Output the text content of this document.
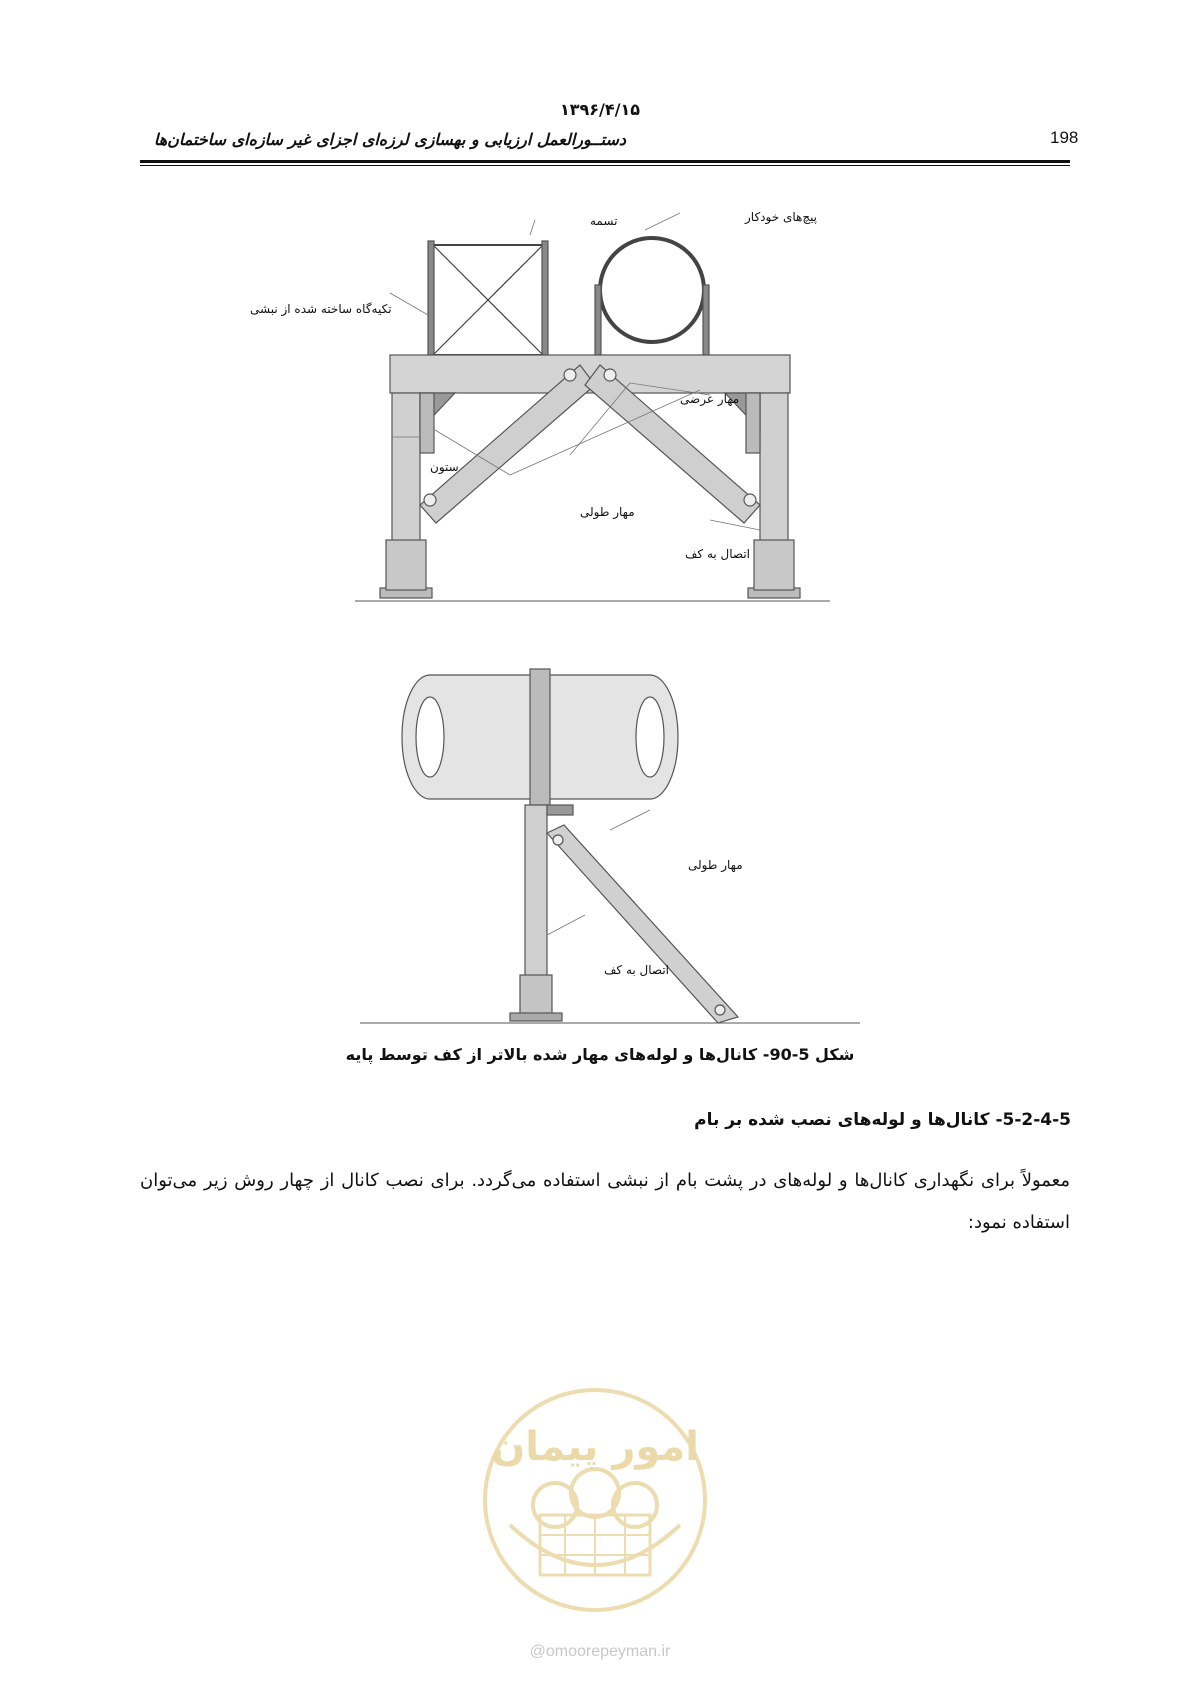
۱۳۹۶/۴/۱۵
دستــورالعمل ارزیابی و بهسازی لرزه‌ای اجزای غیر سازه‌ای ساختمان‌ها	198
تسمه	پیچ‌های خودکار
تکیه‌گاه ساخته شده از نبشی
مهار عرضی
ستون
مهار طولی
اتصال به کف
مهار طولی
اتصال به کف
شکل 5-90- کانال‌ها و لوله‌های مهار شده بالاتر از کف توسط پایه
5-2-4-5- کانال‌ها و لوله‌های نصب شده بر بام
معمولاً برای نگهداری کانال‌ها و لوله‌های در پشت بام از نبشی استفاده می‌گردد. برای نصب کانال از چهار روش زیر می‌توان استفاده نمود:
امور پیمان
@omoorepeyman.ir
